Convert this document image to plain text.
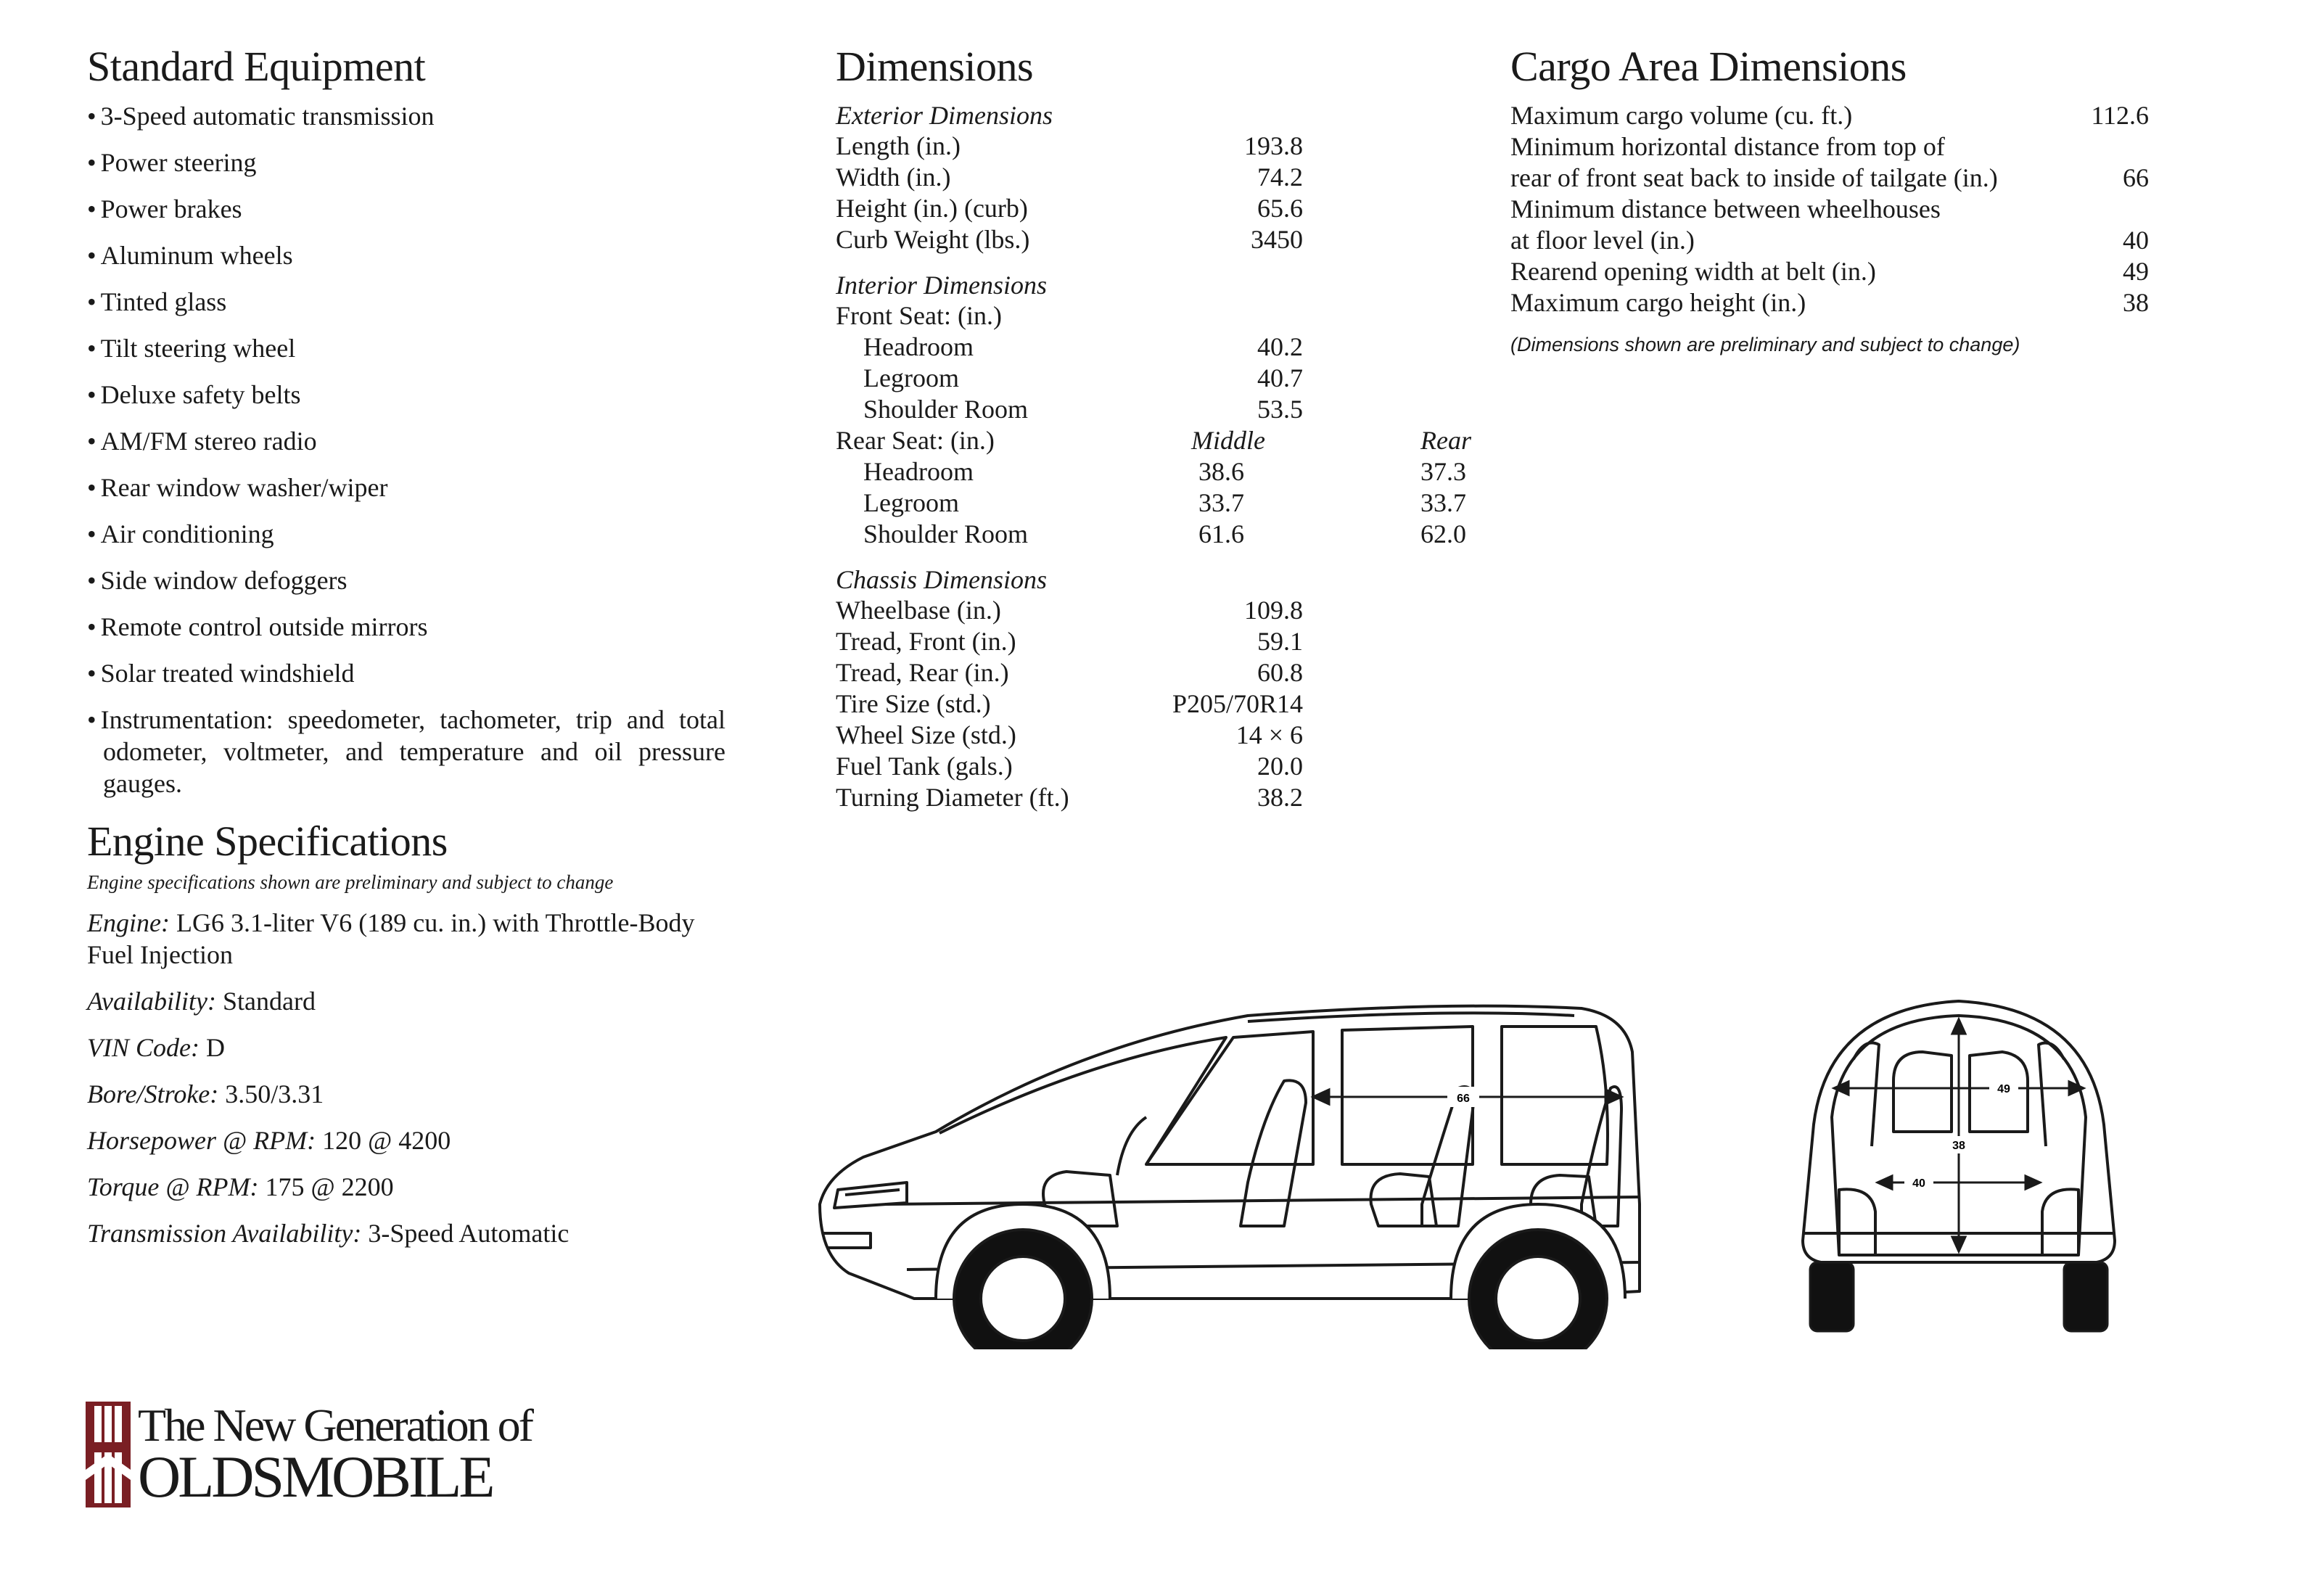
Standard Equipment
• 3-Speed automatic transmission
• Power steering
• Power brakes
• Aluminum wheels
• Tinted glass
• Tilt steering wheel
• Deluxe safety belts
• AM/FM stereo radio
• Rear window washer/wiper
• Air conditioning
• Side window defoggers
• Remote control outside mirrors
• Solar treated windshield
• Instrumentation: speedometer, tachometer, trip and total odometer, voltmeter, and temperature and oil pressure gauges.
Engine Specifications

Engine specifications shown are preliminary and subject to change

Engine: LG6 3.1-liter V6 (189 cu. in.) with Throttle-Body Fuel Injection
Availability: Standard
VIN Code: D
Bore/Stroke: 3.50/3.31
Horsepower @ RPM: 120 @ 4200
Torque @ RPM: 175 @ 2200
Transmission Availability: 3-Speed Automatic
Dimensions
Exterior Dimensions
Length (in.)	193.8
Width (in.)	74.2
Height (in.) (curb)	65.6
Curb Weight (lbs.)	3450
Interior Dimensions
Front Seat: (in.)
Headroom	40.2
Legroom	40.7
Shoulder Room	53.5
Rear Seat: (in.)	Middle	Rear
Headroom	38.6	37.3
Legroom	33.7	33.7
Shoulder Room	61.6	62.0
Chassis Dimensions
Wheelbase (in.)	109.8
Tread, Front (in.)	59.1
Tread, Rear (in.)	60.8
Tire Size (std.)	P205/70R14
Wheel Size (std.)	14 × 6
Fuel Tank (gals.)	20.0
Turning Diameter (ft.)	38.2
Cargo Area Dimensions
Maximum cargo volume (cu. ft.)	112.6
Minimum horizontal distance from top of
rear of front seat back to inside of tailgate (in.)	66
Minimum distance between wheelhouses
at floor level (in.)	40
Rearend opening width at belt (in.)	49
Maximum cargo height (in.)	38
(Dimensions shown are preliminary and subject to change)
66
49
38
40
The New Generation of
OLDSMOBILE
